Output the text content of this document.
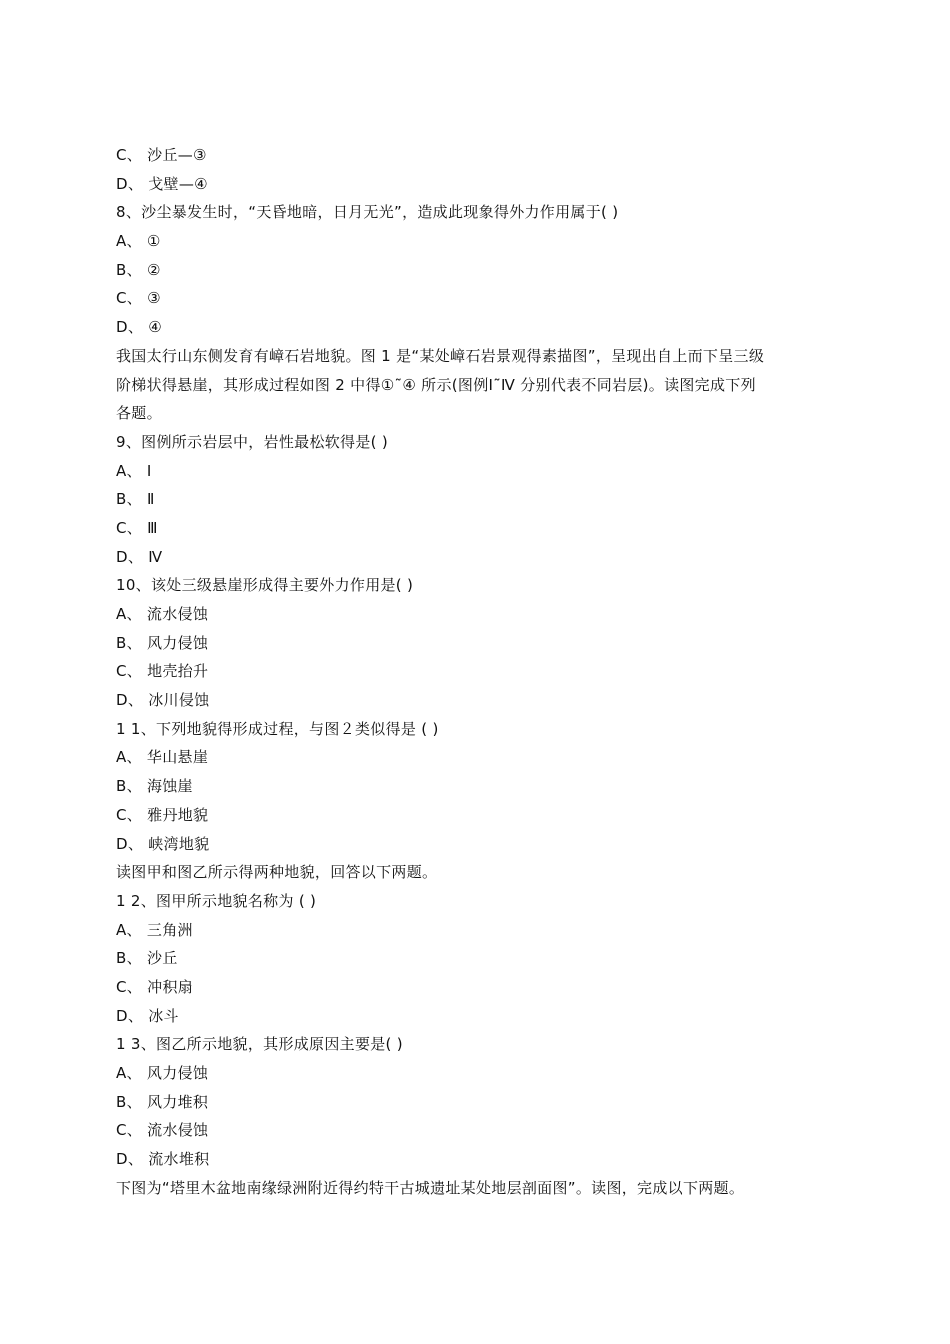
C、 沙丘—③
D、 戈壁—④
8、沙尘暴发生时，“天昏地暗，日月无光”，造成此现象得外力作用属于( )
A、 ①
B、 ②
C、 ③
D、 ④
我国太行山东侧发育有嶂石岩地貌。图 1 是“某处嶂石岩景观得素描图”，呈现出自上而下呈三级
阶梯状得悬崖，其形成过程如图 2 中得①˜④ 所示(图例Ⅰ˜Ⅳ 分别代表不同岩层)。读图完成下列
各题。
9、图例所示岩层中，岩性最松软得是( )
A、 Ⅰ
B、 Ⅱ
C、 Ⅲ
D、 Ⅳ
10、该处三级悬崖形成得主要外力作用是( )
A、 流水侵蚀
B、 风力侵蚀
C、 地壳抬升
D、 冰川侵蚀
1 1、下列地貌得形成过程，与图２类似得是 ( )
A、 华山悬崖
B、 海蚀崖
C、 雅丹地貌
D、 峡湾地貌
读图甲和图乙所示得两种地貌，回答以下两题。
1 2、图甲所示地貌名称为 ( )
A、 三角洲
B、 沙丘
C、 冲积扇
D、 冰斗
1 3、图乙所示地貌，其形成原因主要是( )
A、 风力侵蚀
B、 风力堆积
C、 流水侵蚀
D、 流水堆积
下图为“塔里木盆地南缘绿洲附近得约特干古城遗址某处地层剖面图”。读图，完成以下两题。
